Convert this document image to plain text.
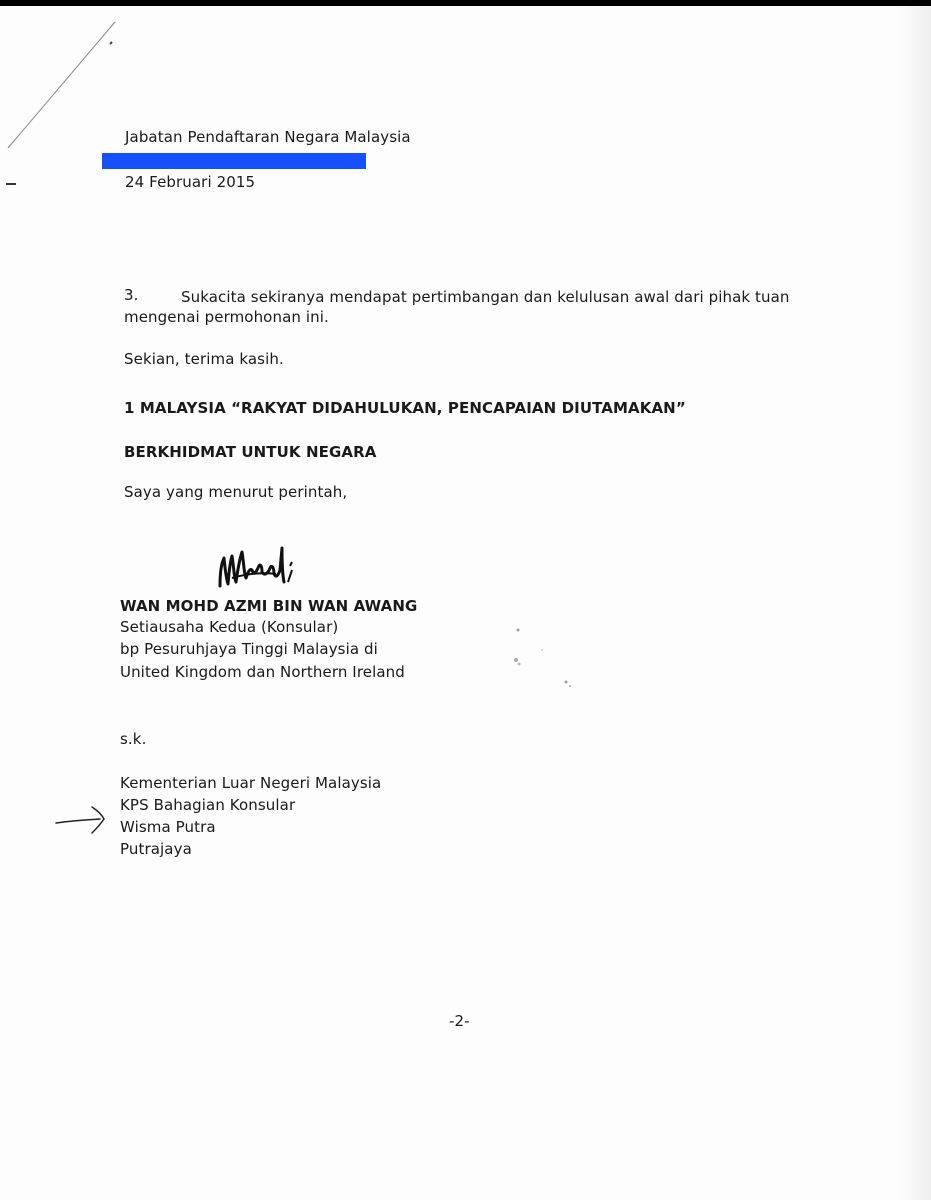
Jabatan Pendaftaran Negara Malaysia
24 Februari 2015
3.	Sukacita sekiranya mendapat pertimbangan dan kelulusan awal dari pihak tuan
mengenai permohonan ini.
Sekian, terima kasih.
1 MALAYSIA “RAKYAT DIDAHULUKAN, PENCAPAIAN DIUTAMAKAN”
BERKHIDMAT UNTUK NEGARA
Saya yang menurut perintah,
WAN MOHD AZMI BIN WAN AWANG
Setiausaha Kedua (Konsular)
bp Pesuruhjaya Tinggi Malaysia di
United Kingdom dan Northern Ireland
s.k.
Kementerian Luar Negeri Malaysia
KPS Bahagian Konsular
Wisma Putra
Putrajaya
-2-
